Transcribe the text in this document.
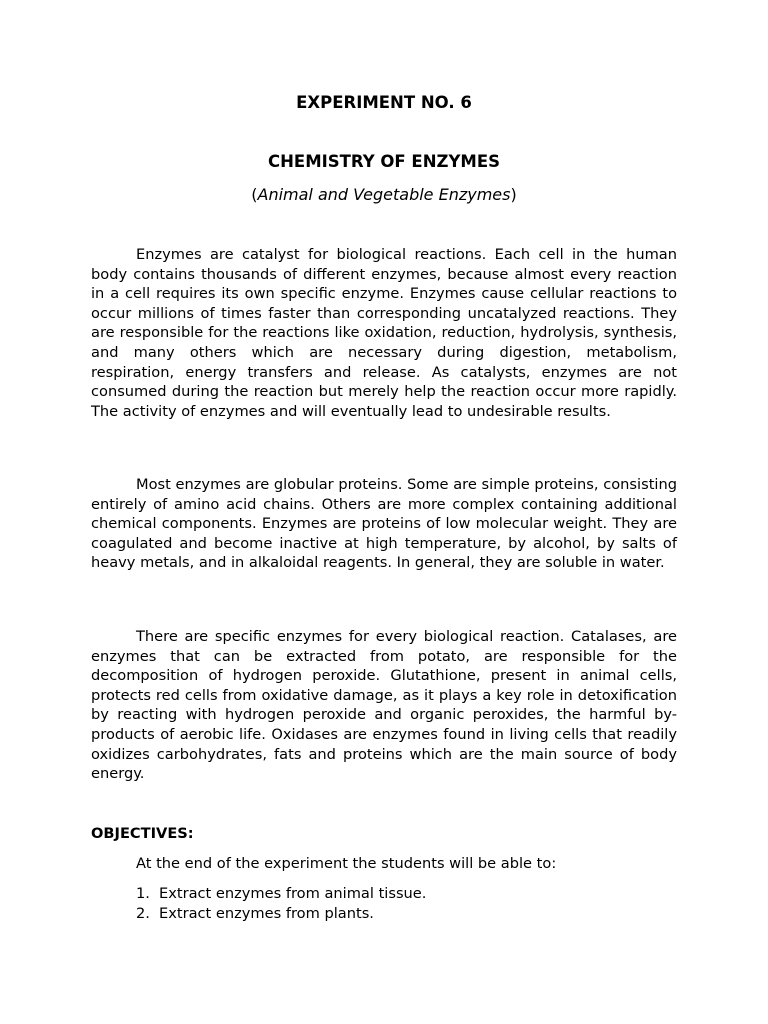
EXPERIMENT NO. 6
CHEMISTRY OF ENZYMES

(Animal and Vegetable Enzymes)

Enzymes are catalyst for biological reactions. Each cell in the human body contains thousands of different enzymes, because almost every reaction in a cell requires its own specific enzyme. Enzymes cause cellular reactions to occur millions of times faster than corresponding uncatalyzed reactions. They are responsible for the reactions like oxidation, reduction, hydrolysis, synthesis, and many others which are necessary during digestion, metabolism, respiration, energy transfers and release. As catalysts, enzymes are not consumed during the reaction but merely help the reaction occur more rapidly. The activity of enzymes and will eventually lead to undesirable results.

Most enzymes are globular proteins. Some are simple proteins, consisting entirely of amino acid chains. Others are more complex containing additional chemical components. Enzymes are proteins of low molecular weight. They are coagulated and become inactive at high temperature, by alcohol, by salts of heavy metals, and in alkaloidal reagents. In general, they are soluble in water.

There are specific enzymes for every biological reaction. Catalases, are enzymes that can be extracted from potato, are responsible for the decomposition of hydrogen peroxide. Glutathione, present in animal cells, protects red cells from oxidative damage, as it plays a key role in detoxification by reacting with hydrogen peroxide and organic peroxides, the harmful by-products of aerobic life. Oxidases are enzymes found in living cells that readily oxidizes carbohydrates, fats and proteins which are the main source of body energy.

OBJECTIVES:

At the end of the experiment the students will be able to:

1. Extract enzymes from animal tissue.
2. Extract enzymes from plants.
